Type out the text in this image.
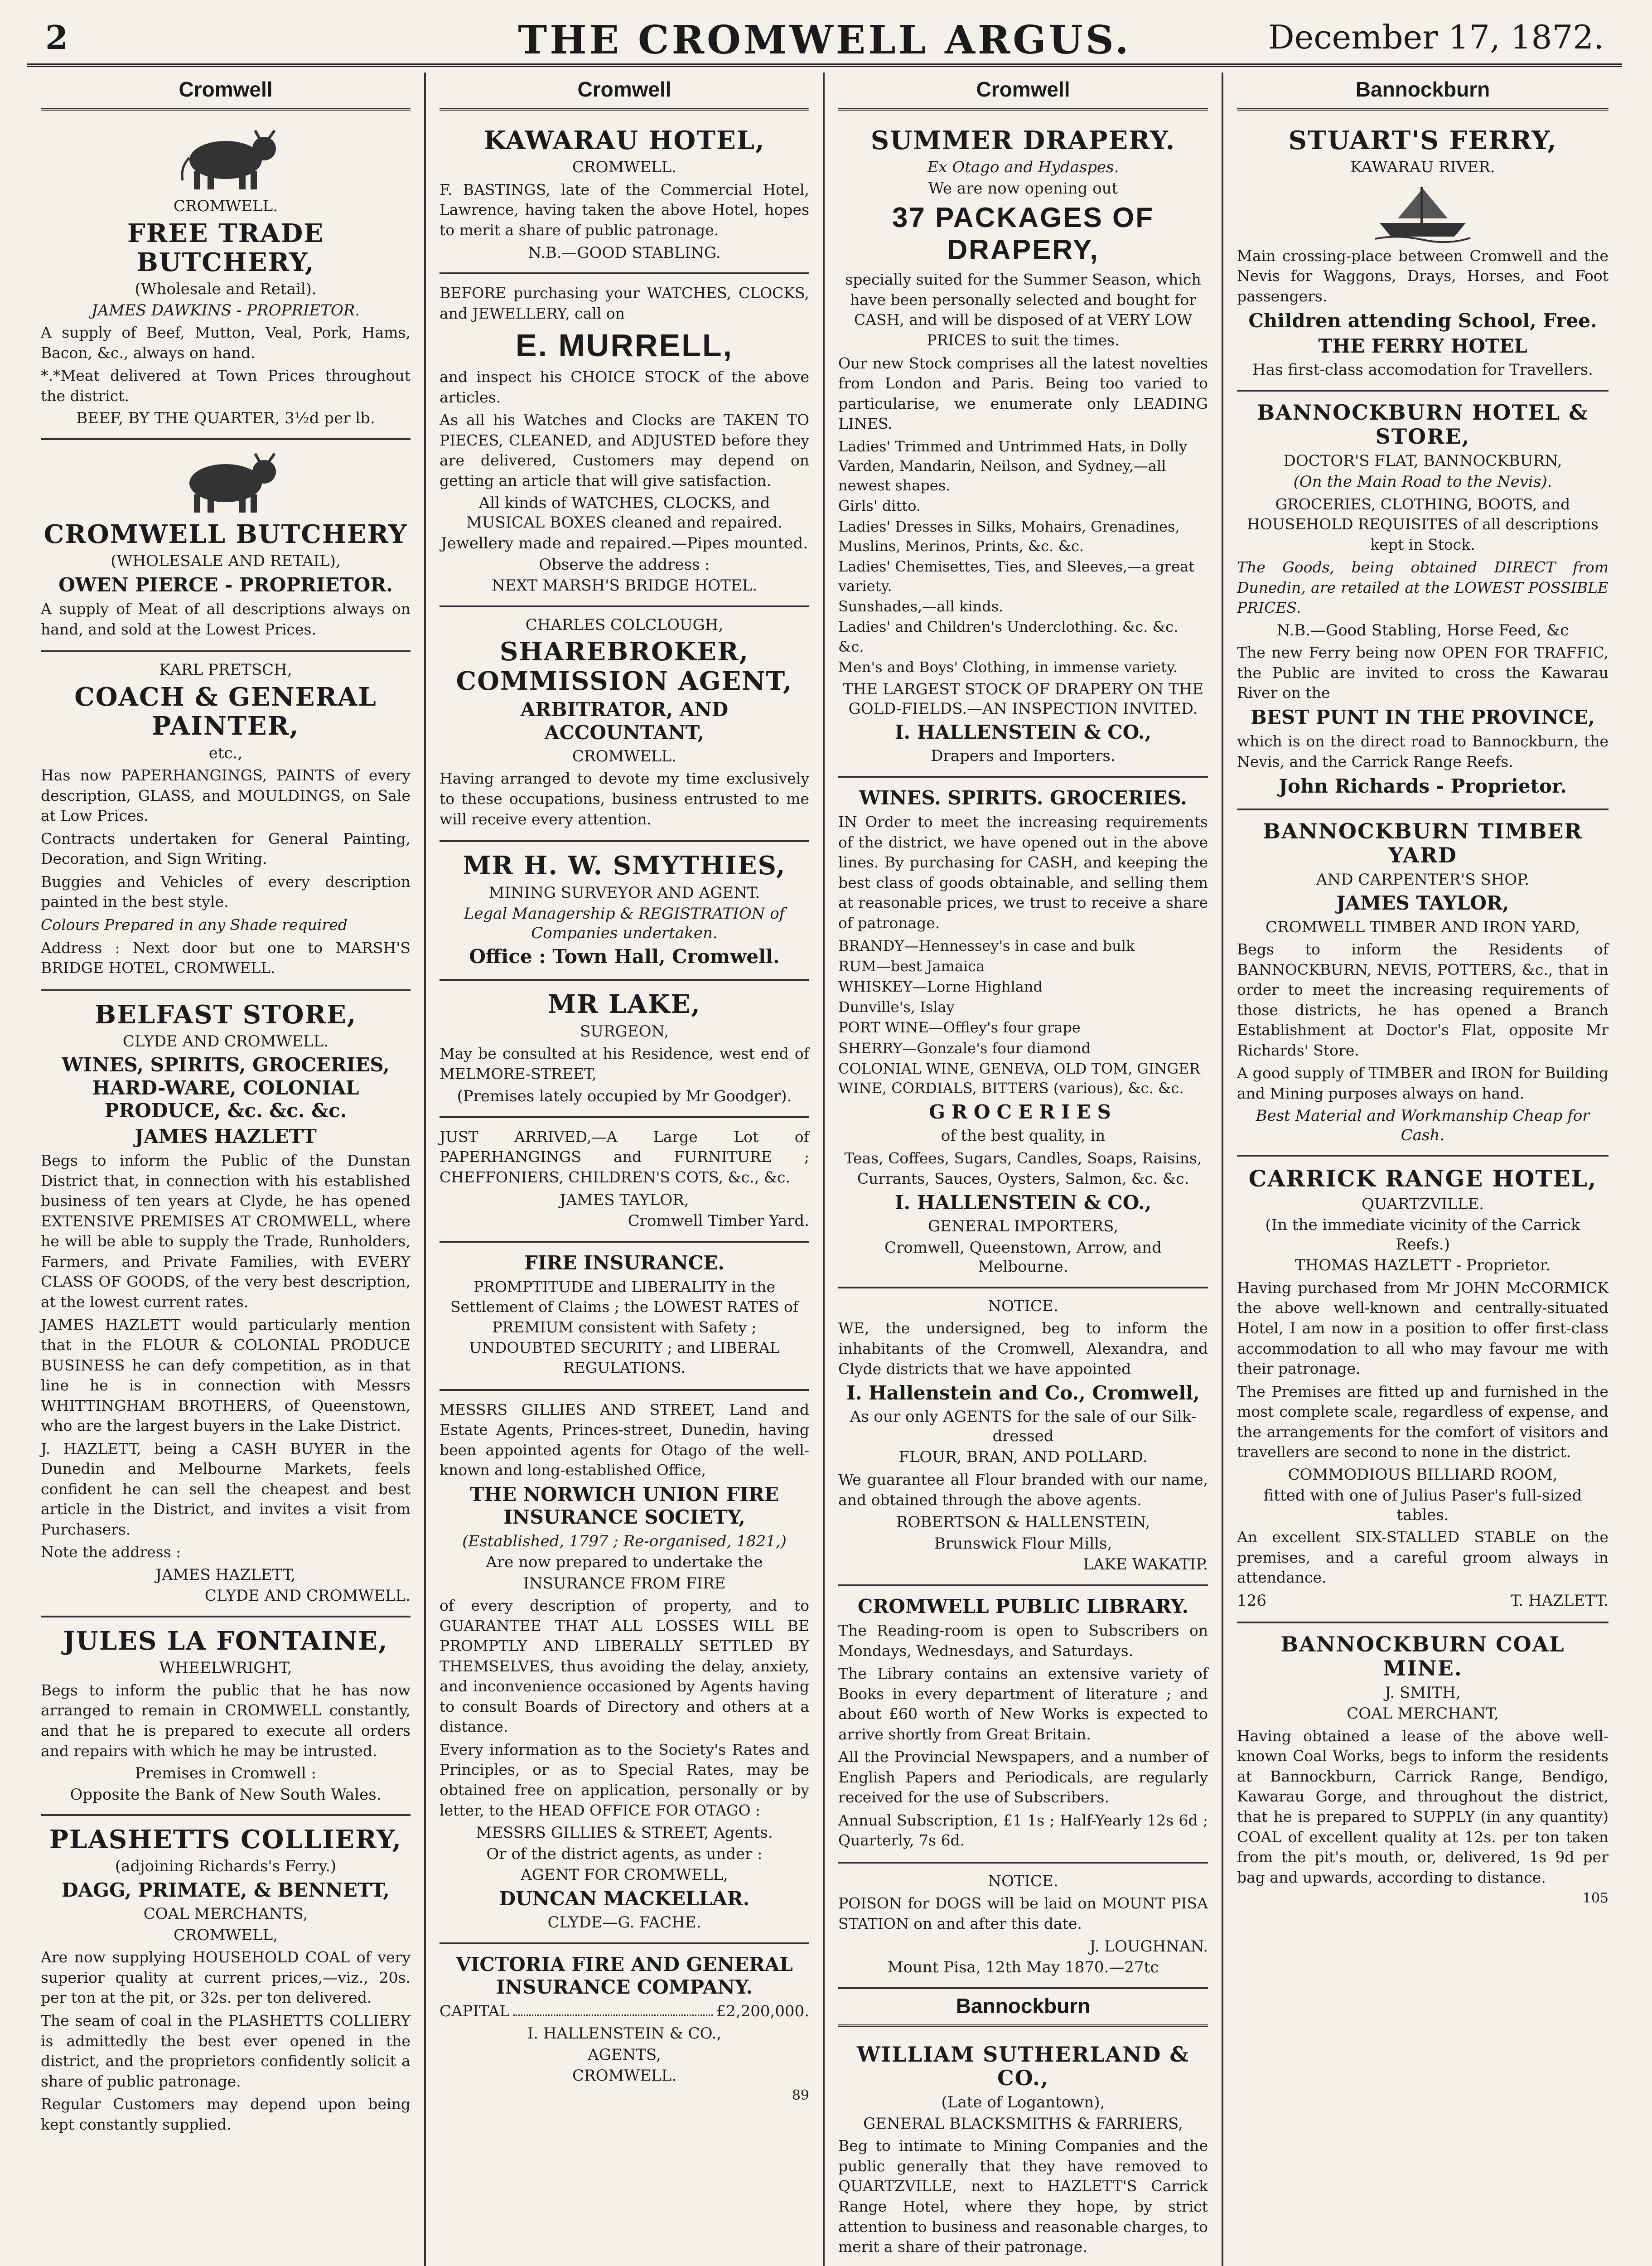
2	THE CROMWELL ARGUS.	December 17, 1872.
Cromwell
CROMWELL.
FREE TRADE BUTCHERY,
(Wholesale and Retail).
JAMES DAWKINS - PROPRIETOR.

A supply of Beef, Mutton, Veal, Pork, Hams, Bacon, &c., always on hand.

*.*Meat delivered at Town Prices throughout the district.

BEEF, BY THE QUARTER, 3½d per lb.
CROMWELL BUTCHERY
(WHOLESALE AND RETAIL),
OWEN PIERCE - PROPRIETOR.

A supply of Meat of all descriptions always on hand, and sold at the Lowest Prices.

KARL PRETSCH,
COACH & GENERAL PAINTER,
etc.,

Has now PAPERHANGINGS, PAINTS of every description, GLASS, and MOULDINGS, on Sale at Low Prices.

Contracts undertaken for General Painting, Decoration, and Sign Writing.

Buggies and Vehicles of every description painted in the best style.

Colours Prepared in any Shade required

Address : Next door but one to MARSH'S BRIDGE HOTEL, CROMWELL.

BELFAST STORE,
CLYDE AND CROMWELL.
WINES, SPIRITS, GROCERIES, HARD-WARE, COLONIAL PRODUCE, &c. &c. &c.
JAMES HAZLETT

Begs to inform the Public of the Dunstan District that, in connection with his established business of ten years at Clyde, he has opened EXTENSIVE PREMISES AT CROMWELL, where he will be able to supply the Trade, Runholders, Farmers, and Private Families, with EVERY CLASS OF GOODS, of the very best description, at the lowest current rates.

JAMES HAZLETT would particularly mention that in the FLOUR & COLONIAL PRODUCE BUSINESS he can defy competition, as in that line he is in connection with Messrs WHITTINGHAM BROTHERS, of Queenstown, who are the largest buyers in the Lake District.

J. HAZLETT, being a CASH BUYER in the Dunedin and Melbourne Markets, feels confident he can sell the cheapest and best article in the District, and invites a visit from Purchasers.

Note the address :

JAMES HAZLETT,
CLYDE AND CROMWELL.
JULES LA FONTAINE,
WHEELWRIGHT,

Begs to inform the public that he has now arranged to remain in CROMWELL constantly, and that he is prepared to execute all orders and repairs with which he may be intrusted.

Premises in Cromwell :
Opposite the Bank of New South Wales.
PLASHETTS COLLIERY,
(adjoining Richards's Ferry.)
DAGG, PRIMATE, & BENNETT,
COAL MERCHANTS,
CROMWELL,

Are now supplying HOUSEHOLD COAL of very superior quality at current prices,—viz., 20s. per ton at the pit, or 32s. per ton delivered.

The seam of coal in the PLASHETTS COLLIERY is admittedly the best ever opened in the district, and the proprietors confidently solicit a share of public patronage.

Regular Customers may depend upon being kept constantly supplied.

Cromwell
KAWARAU HOTEL,
CROMWELL.

F. BASTINGS, late of the Commercial Hotel, Lawrence, having taken the above Hotel, hopes to merit a share of public patronage.

N.B.—GOOD STABLING.

BEFORE purchasing your WATCHES, CLOCKS, and JEWELLERY, call on

E. MURRELL,

and inspect his CHOICE STOCK of the above articles.

As all his Watches and Clocks are TAKEN TO PIECES, CLEANED, and ADJUSTED before they are delivered, Customers may depend on getting an article that will give satisfaction.

All kinds of WATCHES, CLOCKS, and MUSICAL BOXES cleaned and repaired.
Jewellery made and repaired.—Pipes mounted.
Observe the address :
NEXT MARSH'S BRIDGE HOTEL.
CHARLES COLCLOUGH,
SHAREBROKER, COMMISSION AGENT,
ARBITRATOR, AND ACCOUNTANT,
CROMWELL.

Having arranged to devote my time exclusively to these occupations, business entrusted to me will receive every attention.

MR H. W. SMYTHIES,
MINING SURVEYOR AND AGENT.
Legal Managership & REGISTRATION of Companies undertaken.
Office : Town Hall, Cromwell.
MR LAKE,
SURGEON,

May be consulted at his Residence, west end of MELMORE-STREET,

(Premises lately occupied by Mr Goodger).

JUST ARRIVED,—A Large Lot of PAPERHANGINGS and FURNITURE ; CHEFFONIERS, CHILDREN'S COTS, &c., &c.

JAMES TAYLOR,
Cromwell Timber Yard.
FIRE INSURANCE.

PROMPTITUDE and LIBERALITY in the Settlement of Claims ; the LOWEST RATES of PREMIUM consistent with Safety ; UNDOUBTED SECURITY ; and LIBERAL REGULATIONS.

MESSRS GILLIES AND STREET, Land and Estate Agents, Princes-street, Dunedin, having been appointed agents for Otago of the well-known and long-established Office,

THE NORWICH UNION FIRE INSURANCE SOCIETY,
(Established, 1797 ; Re-organised, 1821,)
Are now prepared to undertake the
INSURANCE FROM FIRE

of every description of property, and to GUARANTEE THAT ALL LOSSES WILL BE PROMPTLY AND LIBERALLY SETTLED BY THEMSELVES, thus avoiding the delay, anxiety, and inconvenience occasioned by Agents having to consult Boards of Directory and others at a distance.

Every information as to the Society's Rates and Principles, or as to Special Rates, may be obtained free on application, personally or by letter, to the HEAD OFFICE FOR OTAGO :

MESSRS GILLIES & STREET, Agents.
Or of the district agents, as under :
AGENT FOR CROMWELL,
DUNCAN MACKELLAR.
CLYDE—G. FACHE.
VICTORIA FIRE AND GENERAL INSURANCE COMPANY.
CAPITAL	£2,200,000.
I. HALLENSTEIN & CO.,
AGENTS,
CROMWELL.
89
Cromwell
SUMMER DRAPERY.
Ex Otago and Hydaspes.
We are now opening out
37 PACKAGES OF DRAPERY,

specially suited for the Summer Season, which have been personally selected and bought for CASH, and will be disposed of at VERY LOW PRICES to suit the times.

Our new Stock comprises all the latest novelties from London and Paris. Being too varied to particularise, we enumerate only LEADING LINES.

Ladies' Trimmed and Untrimmed Hats, in Dolly Varden, Mandarin, Neilson, and Sydney,—all newest shapes.
Girls' ditto.
Ladies' Dresses in Silks, Mohairs, Grenadines, Muslins, Merinos, Prints, &c. &c.
Ladies' Chemisettes, Ties, and Sleeves,—a great variety.
Sunshades,—all kinds.
Ladies' and Children's Underclothing. &c. &c. &c.
Men's and Boys' Clothing, in immense variety.
THE LARGEST STOCK OF DRAPERY ON THE GOLD-FIELDS.—AN INSPECTION INVITED.
I. HALLENSTEIN & CO.,
Drapers and Importers.
WINES. SPIRITS. GROCERIES.

IN Order to meet the increasing requirements of the district, we have opened out in the above lines. By purchasing for CASH, and keeping the best class of goods obtainable, and selling them at reasonable prices, we trust to receive a share of patronage.

BRANDY—Hennessey's in case and bulk
RUM—best Jamaica
WHISKEY—Lorne Highland
Dunville's, Islay
PORT WINE—Offley's four grape
SHERRY—Gonzale's four diamond
COLONIAL WINE, GENEVA, OLD TOM, GINGER WINE, CORDIALS, BITTERS (various), &c. &c.
GROCERIES
of the best quality, in

Teas, Coffees, Sugars, Candles, Soaps, Raisins, Currants, Sauces, Oysters, Salmon, &c. &c.

I. HALLENSTEIN & CO.,
GENERAL IMPORTERS,
Cromwell, Queenstown, Arrow, and Melbourne.
NOTICE.

WE, the undersigned, beg to inform the inhabitants of the Cromwell, Alexandra, and Clyde districts that we have appointed

I. Hallenstein and Co., Cromwell,
As our only AGENTS for the sale of our Silk-dressed
FLOUR, BRAN, AND POLLARD.

We guarantee all Flour branded with our name, and obtained through the above agents.

ROBERTSON & HALLENSTEIN,
Brunswick Flour Mills,
LAKE WAKATIP.
CROMWELL PUBLIC LIBRARY.

The Reading-room is open to Subscribers on Mondays, Wednesdays, and Saturdays.

The Library contains an extensive variety of Books in every department of literature ; and about £60 worth of New Works is expected to arrive shortly from Great Britain.

All the Provincial Newspapers, and a number of English Papers and Periodicals, are regularly received for the use of Subscribers.

Annual Subscription, £1 1s ; Half-Yearly 12s 6d ; Quarterly, 7s 6d.

NOTICE.

POISON for DOGS will be laid on MOUNT PISA STATION on and after this date.

J. LOUGHNAN.
Mount Pisa, 12th May 1870.—27tc
Bannockburn
WILLIAM SUTHERLAND & CO.,
(Late of Logantown),
GENERAL BLACKSMITHS & FARRIERS,

Beg to intimate to Mining Companies and the public generally that they have removed to QUARTZVILLE, next to HAZLETT'S Carrick Range Hotel, where they hope, by strict attention to business and reasonable charges, to merit a share of their patronage.

Bannockburn
STUART'S FERRY,
KAWARAU RIVER.

Main crossing-place between Cromwell and the Nevis for Waggons, Drays, Horses, and Foot passengers.

Children attending School, Free.
THE FERRY HOTEL
Has first-class accomodation for Travellers.
BANNOCKBURN HOTEL & STORE,
DOCTOR'S FLAT, BANNOCKBURN,
(On the Main Road to the Nevis).

GROCERIES, CLOTHING, BOOTS, and HOUSEHOLD REQUISITES of all descriptions kept in Stock.

The Goods, being obtained DIRECT from Dunedin, are retailed at the LOWEST POSSIBLE PRICES.

N.B.—Good Stabling, Horse Feed, &c

The new Ferry being now OPEN FOR TRAFFIC, the Public are invited to cross the Kawarau River on the

BEST PUNT IN THE PROVINCE,

which is on the direct road to Bannockburn, the Nevis, and the Carrick Range Reefs.

John Richards - Proprietor.
BANNOCKBURN TIMBER YARD
AND CARPENTER'S SHOP.
JAMES TAYLOR,
CROMWELL TIMBER AND IRON YARD,

Begs to inform the Residents of BANNOCKBURN, NEVIS, POTTERS, &c., that in order to meet the increasing requirements of those districts, he has opened a Branch Establishment at Doctor's Flat, opposite Mr Richards' Store.

A good supply of TIMBER and IRON for Building and Mining purposes always on hand.

Best Material and Workmanship Cheap for Cash.
CARRICK RANGE HOTEL,
QUARTZVILLE.
(In the immediate vicinity of the Carrick Reefs.)
THOMAS HAZLETT - Proprietor.

Having purchased from Mr JOHN McCORMICK the above well-known and centrally-situated Hotel, I am now in a position to offer first-class accommodation to all who may favour me with their patronage.

The Premises are fitted up and furnished in the most complete scale, regardless of expense, and the arrangements for the comfort of visitors and travellers are second to none in the district.

COMMODIOUS BILLIARD ROOM,
fitted with one of Julius Paser's full-sized tables.

An excellent SIX-STALLED STABLE on the premises, and a careful groom always in attendance.

126	T. HAZLETT.
BANNOCKBURN COAL MINE.
J. SMITH,
COAL MERCHANT,

Having obtained a lease of the above well-known Coal Works, begs to inform the residents at Bannockburn, Carrick Range, Bendigo, Kawarau Gorge, and throughout the district, that he is prepared to SUPPLY (in any quantity) COAL of excellent quality at 12s. per ton taken from the pit's mouth, or, delivered, 1s 9d per bag and upwards, according to distance.

105
